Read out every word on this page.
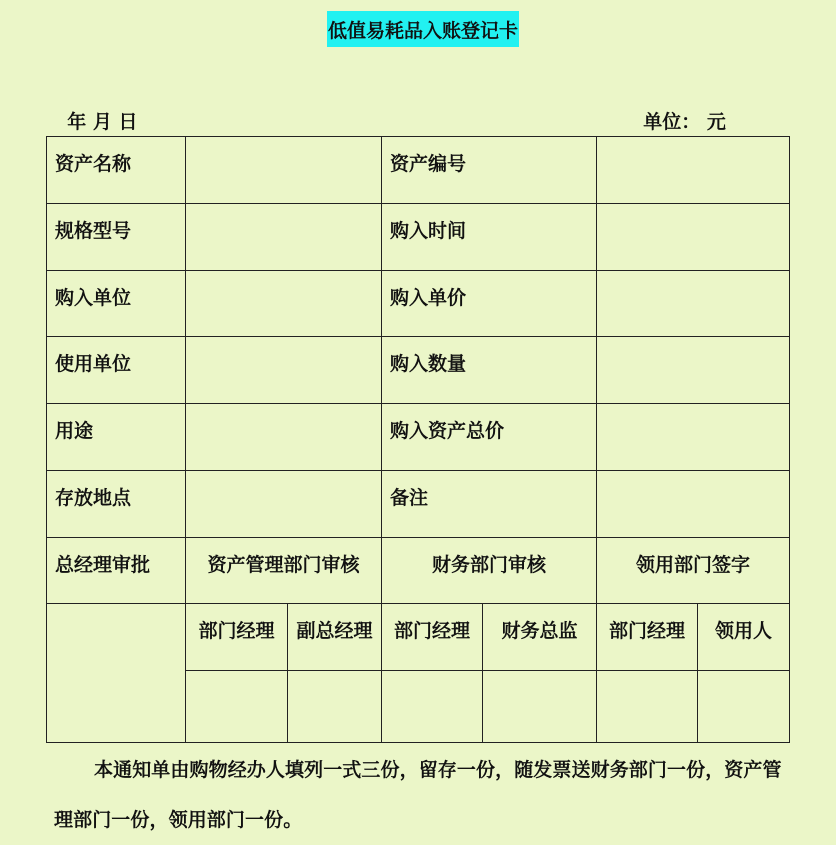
低值易耗品入账登记卡

年 月 日	单位： 元

资产名称			资产编号			
规格型号			购入时间			
购入单位			购入单价			
使用单位			购入数量			
用途			购入资产总价			
存放地点			备注			
总经理审批	资产管理部门审核		财务部门审核		领用部门签字	
	部门经理	副总经理	部门经理	财务总监	部门经理	领用人

本通知单由购物经办人填列一式三份，留存一份，随发票送财务部门一份，资产管理部门一份，领用部门一份。
